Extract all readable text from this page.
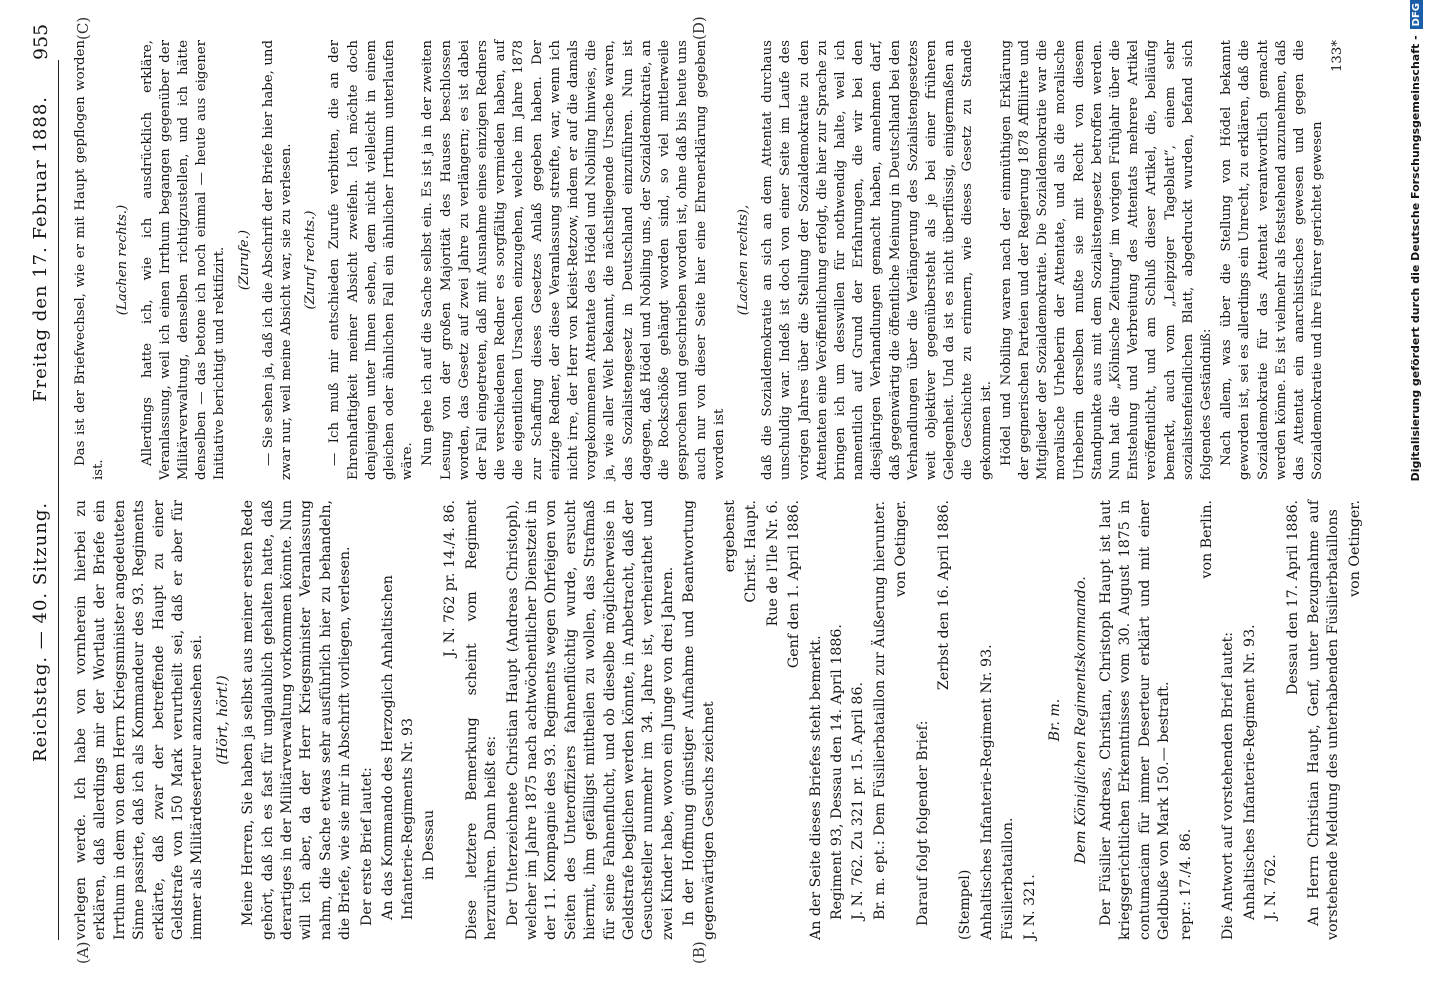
Reichstag. — 40. Sitzung.
Freitag den 17. Februar 1888.
955
(A)	(B)
(C)	(D)

vorlegen werde. Ich habe von vornherein hierbei zu erklären, daß allerdings mir der Wortlaut der Briefe ein Irrthum in dem von dem Herrn Kriegsminister angedeuteten Sinne passirte, daß ich als Kommandeur des 93. Regiments erklärte, daß zwar der betreffende Haupt zu einer Geldstrafe von 150 Mark verurtheilt sei, daß er aber für immer als Militärdeserteur anzusehen sei. (Hört, hört!) Meine Herren, Sie haben ja selbst aus meiner ersten Rede gehört, daß ich es fast für unglaublich gehalten hatte, daß derartiges in der Militärverwaltung vorkommen könnte. Nun will ich aber, da der Herr Kriegsminister Veranlassung nahm, die Sache etwas sehr ausführlich hier zu behandeln, die Briefe, wie sie mir in Abschrift vorliegen, verlesen. Der erste Brief lautet: An das Kommando des Herzoglich Anhaltischen Infanterie-Regiments Nr. 93 in Dessau

J. N. 762 pr. 14./4. 86. Diese letztere Bemerkung scheint vom Regiment herzurühren. Dann heißt es: Der Unterzeichnete Christian Haupt (Andreas Christoph), welcher im Jahre 1875 nach achtwöchentlicher Dienstzeit in der 11. Kompagnie des 93. Regiments wegen Ohrfeigen von Seiten des Unteroffiziers fahnenflüchtig wurde, ersucht hiermit, ihm gefälligst mittheilen zu wollen, das Strafmaß für seine Fahnenflucht, und ob dieselbe möglicherweise in Geldstrafe beglichen werden könnte, in Anbetracht, daß der Gesuchsteller nunmehr im 34. Jahre ist, verheirathet und zwei Kinder habe, wovon ein Junge von drei Jahren. In der Hoffnung günstiger Aufnahme und Beantwortung gegenwärtigen Gesuchs zeichnet

ergebenst Christ. Haupt. Rue de l'Ile Nr. 6. Genf den 1. April 1886.

An der Seite dieses Briefes steht bemerkt. Regiment 93, Dessau den 14. April 1886. J. N. 762. Zu 321 pr. 15. April 86. Br. m. ept.: Dem Füsilierbataillon zur Äußerung hierunter. von Oetinger.

Darauf folgt folgender Brief:

Zerbst den 16. April 1886.

(Stempel) Anhaltisches Infanterie-Regiment Nr. 93. Füsilierbataillon. J. N. 321.

Br. m. Dem Königlichen Regimentskommando. Der Füsilier Andreas, Christian, Christoph Haupt ist laut kriegsgerichtlichen Erkenntnisses vom 30. August 1875 in contumaciam für immer Deserteur erklärt und mit einer Geldbuße von Mark 150.— bestraft. repr.: 17./4. 86.

von Berlin.

Die Antwort auf vorstehenden Brief lautet: Anhaltisches Infanterie-Regiment Nr. 93. J. N. 762.

Dessau den 17. April 1886. An Herrn Christian Haupt, Genf, unter Bezugnahme auf vorstehende Meldung des unterhabenden Füsilierbataillons von Oetinger.

Das ist der Briefwechsel, wie er mit Haupt gepflogen worden ist.

(Lachen rechts.) Allerdings hatte ich, wie ich ausdrücklich erkläre, Veranlassung, weil ich einen Irrthum begangen gegenüber der Militärverwaltung, denselben richtigzustellen, und ich hätte denselben — das betone ich noch einmal — heute aus eigener Initiative berichtigt und rektifizirt. (Zurufe.) — Sie sehen ja, daß ich die Abschrift der Briefe hier habe, und zwar nur, weil meine Absicht war, sie zu verlesen. (Zuruf rechts.) — Ich muß mir entschieden Zurufe verbitten, die an der Ehrenhaftigkeit meiner Absicht zweifeln. Ich möchte doch denjenigen unter Ihnen sehen, dem nicht vielleicht in einem gleichen oder ähnlichen Fall ein ähnlicher Irrthum unterlaufen wäre. Nun gehe ich auf die Sache selbst ein. Es ist ja in der zweiten Lesung von der großen Majorität des Hauses beschlossen worden, das Gesetz auf zwei Jahre zu verlängern; es ist dabei der Fall eingetreten, daß mit Ausnahme eines einzigen Redners die verschiedenen Redner es sorgfältig vermieden haben, auf die eigentlichen Ursachen einzugehen, welche im Jahre 1878 zur Schaffung dieses Gesetzes Anlaß gegeben haben. Der einzige Redner, der diese Veranlassung streifte, war, wenn ich nicht irre, der Herr von Kleist-Retzow, indem er auf die damals vorgekommenen Attentate des Hödel und Nobiling hinwies, die ja, wie aller Welt bekannt, die nächstliegende Ursache waren, das Sozialistengesetz in Deutschland einzuführen. Nun ist dagegen, daß Hödel und Nobiling uns, der Sozialdemokratie, an die Rockschöße gehängt worden sind, so viel mittlerweile gesprochen und geschrieben worden ist, ohne daß bis heute uns auch nur von dieser Seite hier eine Ehrenerklärung gegeben worden ist

(Lachen rechts), daß die Sozialdemokratie an sich an dem Attentat durchaus unschuldig war. Indeß ist doch von einer Seite im Laufe des vorigen Jahres über die Stellung der Sozialdemokratie zu den Attentaten eine Veröffentlichung erfolgt, die hier zur Sprache zu bringen ich um desswillen für nothwendig halte, weil ich namentlich auf Grund der Erfahrungen, die wir bei den diesjährigen Verhandlungen gemacht haben, annehmen darf, daß gegenwärtig die öffentliche Meinung in Deutschland bei den Verhandlungen über die Verlängerung des Sozialistengesetzes weit objektiver gegenübersteht als je bei einer früheren Gelegenheit. Und da ist es nicht überflüssig, einigermaßen an die Geschichte zu erinnern, wie dieses Gesetz zu Stande gekommen ist. Hödel und Nobiling waren nach der einmüthigen Erklärung der gegnerischen Parteien und der Regierung 1878 Affiliirte und Mitglieder der Sozialdemokratie. Die Sozialdemokratie war die moralische Urheberin der Attentate, und als die moralische Urheberin derselben mußte sie mit Recht von diesem Standpunkte aus mit dem Sozialistengesetz betroffen werden. Nun hat die „Kölnische Zeitung“ im vorigen Frühjahr über die Entstehung und Verbreitung des Attentats mehrere Artikel veröffentlicht, und am Schluß dieser Artikel, die, beiläufig bemerkt, auch vom „Leipziger Tageblatt“, einem sehr sozialistenfeindlichen Blatt, abgedruckt wurden, befand sich folgendes Geständniß: Nach allem, was über die Stellung von Hödel bekannt geworden ist, sei es allerdings ein Unrecht, zu erklären, daß die Sozialdemokratie für das Attentat verantwortlich gemacht werden könne. Es ist vielmehr als feststehend anzunehmen, daß das Attentat ein anarchistisches gewesen und gegen die Sozialdemokratie und ihre Führer gerichtet gewesen

133*	Digitalisierung gefördert durch die Deutsche Forschungsgemeinschaft -DFG
